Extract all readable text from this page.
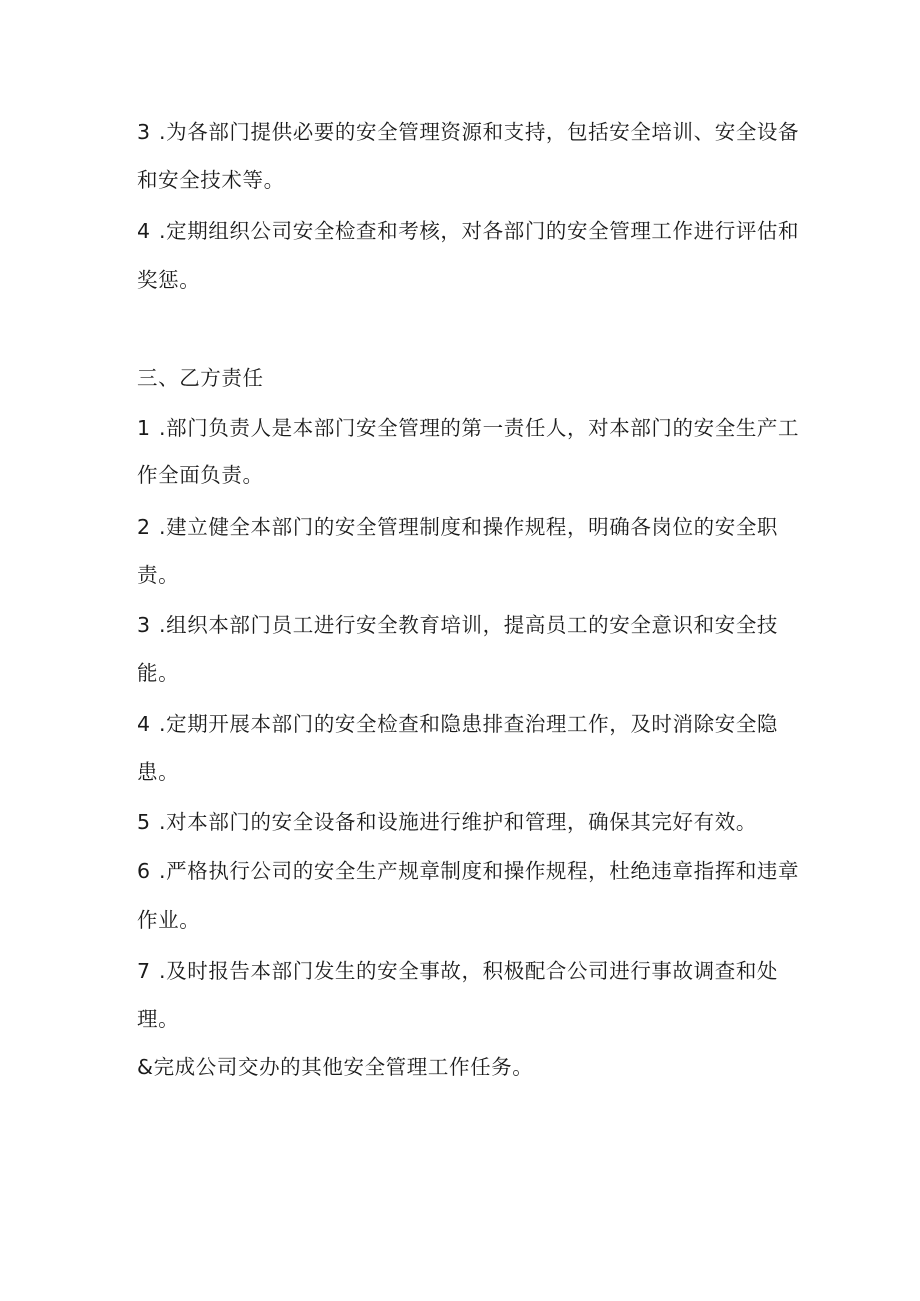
3 .为各部门提供必要的安全管理资源和支持，包括安全培训、安全设备
和安全技术等。
4 .定期组织公司安全检查和考核，对各部门的安全管理工作进行评估和
奖惩。
三、乙方责任
1 .部门负责人是本部门安全管理的第一责任人，对本部门的安全生产工
作全面负责。
2 .建立健全本部门的安全管理制度和操作规程，明确各岗位的安全职
责。
3 .组织本部门员工进行安全教育培训，提高员工的安全意识和安全技
能。
4 .定期开展本部门的安全检查和隐患排查治理工作，及时消除安全隐
患。
5 .对本部门的安全设备和设施进行维护和管理，确保其完好有效。
6 .严格执行公司的安全生产规章制度和操作规程，杜绝违章指挥和违章
作业。
7 .及时报告本部门发生的安全事故，积极配合公司进行事故调查和处
理。
&完成公司交办的其他安全管理工作任务。
